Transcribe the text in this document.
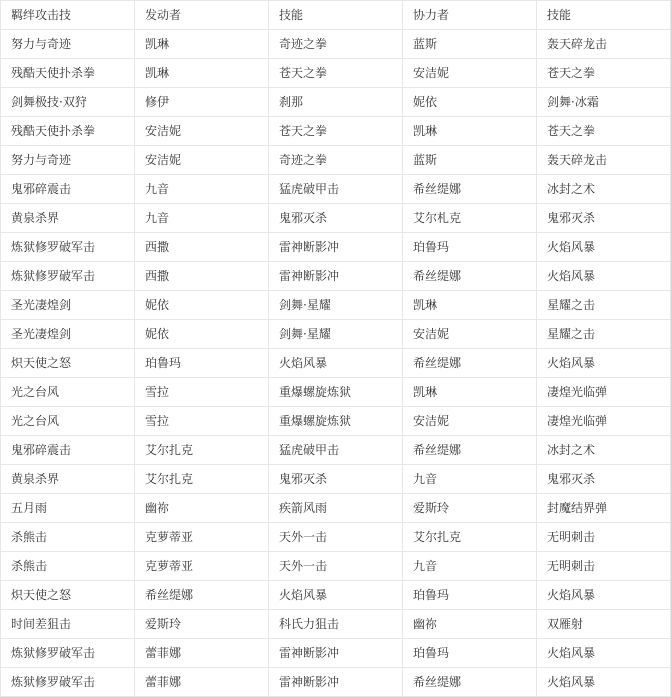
羁绊攻击技	发动者	技能	协力者	技能
努力与奇迹	凯琳	奇迹之拳	蓝斯	轰天碎龙击
残酷天使扑杀拳	凯琳	苍天之拳	安洁妮	苍天之拳
剑舞极技·双狩	修伊	刹那	妮依	剑舞·冰霜
残酷天使扑杀拳	安洁妮	苍天之拳	凯琳	苍天之拳
努力与奇迹	安洁妮	奇迹之拳	蓝斯	轰天碎龙击
鬼邪碎震击	九音	猛虎破甲击	希丝缇娜	冰封之术
黄泉杀界	九音	鬼邪灭杀	艾尔札克	鬼邪灭杀
炼狱修罗破军击	西撒	雷神断影冲	珀鲁玛	火焰风暴
炼狱修罗破军击	西撒	雷神断影冲	希丝缇娜	火焰风暴
圣光凄煌剑	妮依	剑舞·星耀	凯琳	星耀之击
圣光凄煌剑	妮依	剑舞·星耀	安洁妮	星耀之击
炽天使之怒	珀鲁玛	火焰风暴	希丝缇娜	火焰风暴
光之台风	雪拉	重爆螺旋炼狱	凯琳	凄煌光临弹
光之台风	雪拉	重爆螺旋炼狱	安洁妮	凄煌光临弹
鬼邪碎震击	艾尔扎克	猛虎破甲击	希丝缇娜	冰封之术
黄泉杀界	艾尔扎克	鬼邪灭杀	九音	鬼邪灭杀
五月雨	幽祢	疾箭风雨	爱斯玲	封魔结界弹
杀熊击	克萝蒂亚	天外一击	艾尔扎克	无明刺击
杀熊击	克萝蒂亚	天外一击	九音	无明刺击
炽天使之怒	希丝缇娜	火焰风暴	珀鲁玛	火焰风暴
时间差狙击	爱斯玲	科氏力狙击	幽祢	双雁射
炼狱修罗破军击	蕾菲娜	雷神断影冲	珀鲁玛	火焰风暴
炼狱修罗破军击	蕾菲娜	雷神断影冲	希丝缇娜	火焰风暴
